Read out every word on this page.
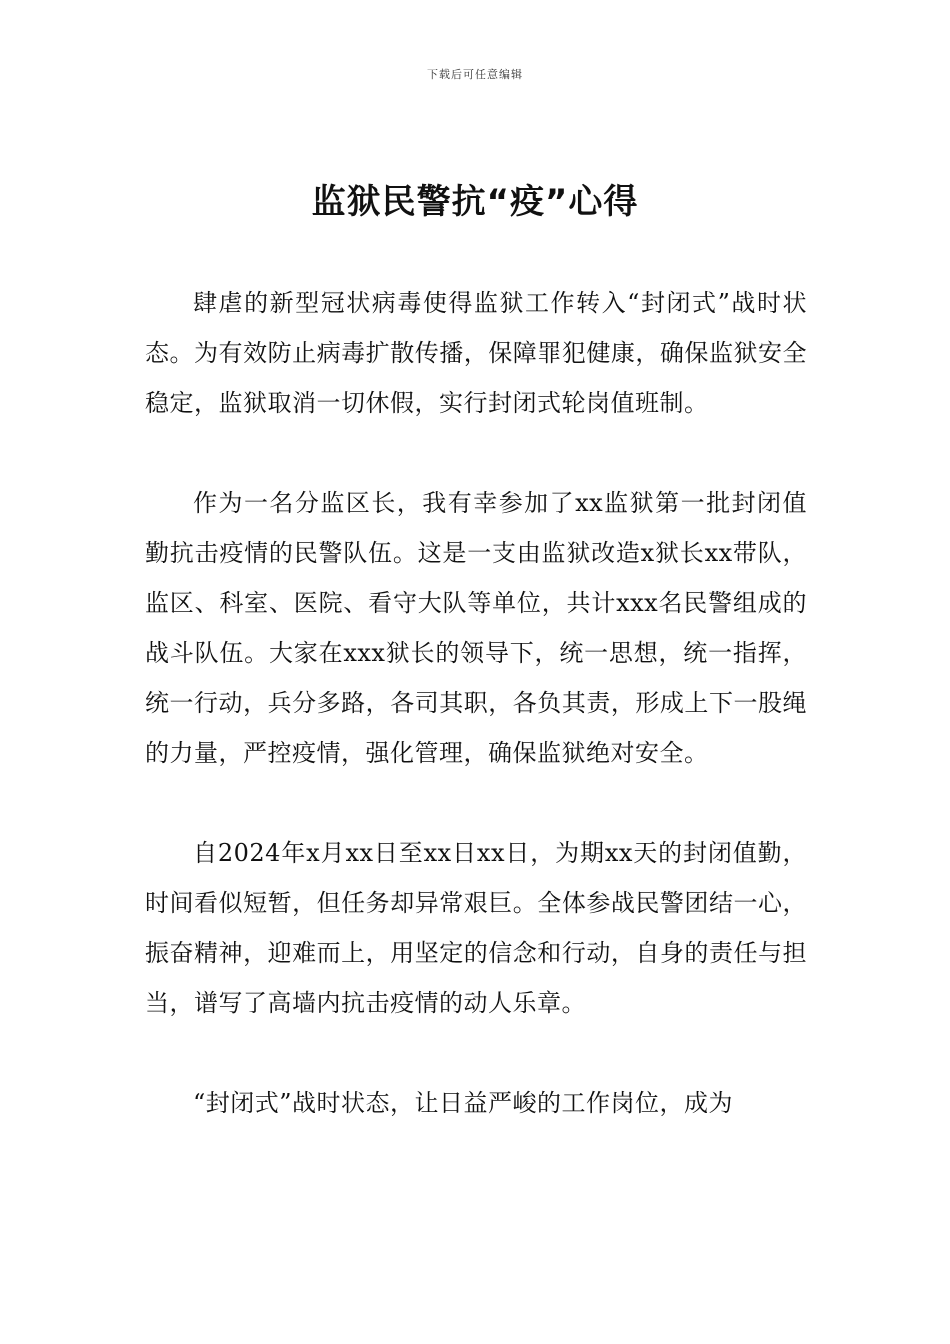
下载后可任意编辑
监狱民警抗“疫”心得

肆虐的新型冠状病毒使得监狱工作转入“封闭式”战时状态。为有效防止病毒扩散传播，保障罪犯健康，确保监狱安全稳定，监狱取消一切休假，实行封闭式轮岗值班制。

作为一名分监区长，我有幸参加了xx监狱第一批封闭值勤抗击疫情的民警队伍。这是一支由监狱改造x狱长xx带队，监区、科室、医院、看守大队等单位，共计xxx名民警组成的战斗队伍。大家在xxx狱长的领导下，统一思想，统一指挥，统一行动，兵分多路，各司其职，各负其责，形成上下一股绳的力量，严控疫情，强化管理，确保监狱绝对安全。

自2024年x月xx日至xx日xx日，为期xx天的封闭值勤，时间看似短暂，但任务却异常艰巨。全体参战民警团结一心，振奋精神，迎难而上，用坚定的信念和行动，自身的责任与担当，谱写了高墙内抗击疫情的动人乐章。

“封闭式”战时状态，让日益严峻的工作岗位，成为
